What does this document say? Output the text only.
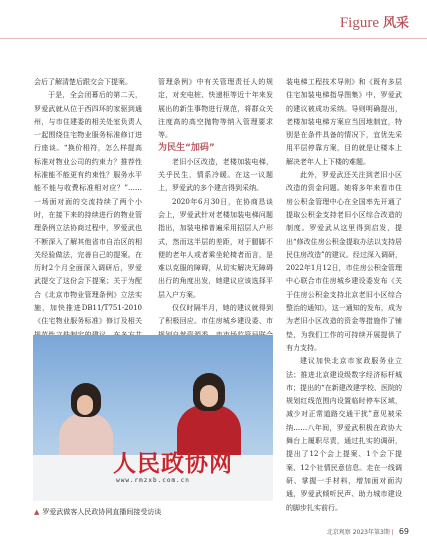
Figure 风采

会后了解清楚后跟交会下提案。

于是，全会闭幕后的第二天，罗爱武就从位于西四环的家驱到通州，与市住建委的相关处室负责人一起围绕住宅物业服务标准修订进行座谈。“换价相符，怎么样提高标准对物业公司的约束力？推荐性标准能不能更有约束性？服务水平能不能与收费标准相对应？”……一场面对面的交流持续了两个小时，在接下来的持续进行的物业管理条例立法协商过程中，罗爱武也不断深入了解其他省市自治区的相关经验做法，完善自己的提案。在历时2个月全面深入调研后，罗爱武提交了这份会下提案；关于为配合《北京市物业管理条例》立法实施，加快推进DB11/T751-2010《住宅物业服务标准》修订及相关

管理条例》中有关管理责任人的规定，对充电桩、快递柜等近十年来发展出的新生事物进行规范，将群众关注度高的高空抛物等纳入管理要求等。

为民生“加码”

老旧小区改造，老楼加装电梯，关乎民生，情系冷暖。在这一议题上，罗爱武的多个建言得到采纳。

2020年6月30日，在协商恳谈会上，罗爱武针对老楼加装电梯问题指出，加装电梯普遍采用招层人户形式，然而这半层的差距，对于腿脚不便的老年人或者乘坐轮椅者而言，是难以克服的障碍，从切实解决无障碍出行的角度出发，她建议应该选择平层入户方案。

仅仅时隔半月，她的建议就得到了积极回应。市住房城乡建设委、市

装电梯工程技术导则》和《既有多层住宅加装电梯指导图集》中，罗爱武的建议被成功采纳。导则明确提出，老楼加装电梯方案应当因地制宜，特别是在条件具备的情况下，宜优先采用平层停靠方案，目的就是让楼本上解决老年人上下楼的难题。

此外，罗爱武还关注到老旧小区改造的资金问题。她将多年来看市住房公积金管理中心在全国率先开通了提取公积金支持老旧小区综合改造的制度。罗爱武从这里得到启发，提出“修改住房公积金提取办法以支持居民住房改造”的建议。经过深入调研，2022年1月12日，市住房公积金管理中心联合市住房城乡建设委发布《关于住房公积金支持北京老旧小区综合整治的通知》，这一通知的发布，成为为老旧小区改造的资金等措施作了铺垫，为我们工作的可持续开展提供了有力支持。

建议加快北京市家政服务业立法；推进北京建设级数字经济标杆城市；提出的“在新建改建学校、医院的规划红线范围内设置临时停车区域，减少对正常道路交通干扰”意见被采纳……八年间，罗爱武积极在政协大舞台上履职尽责，通过扎实的调研，提出了12个会上提案、1个会下提案、12个社情民意信息。走在一线调研、掌握一手材料，增加面对面沟通，罗爱武倾听民声、助力城市建设的脚步扎实前行。

人民政协网
www.rmzxb.com.cn
▲ 罗爱武做客人民政协网直播间接受访谈
北京观察 2023年第3期 | 69
